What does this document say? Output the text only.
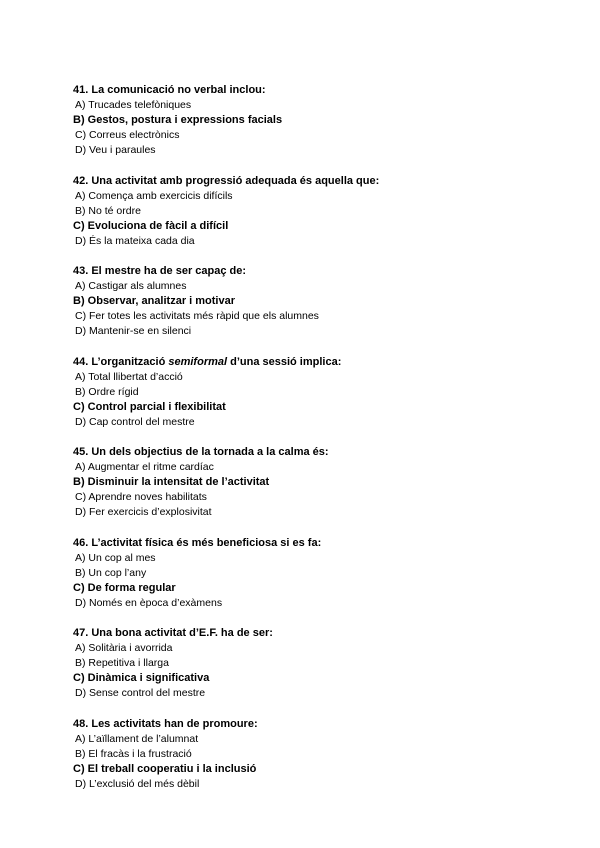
41. La comunicació no verbal inclou:
A) Trucades telefòniques
B) Gestos, postura i expressions facials
C) Correus electrònics
D) Veu i paraules
42. Una activitat amb progressió adequada és aquella que:
A) Comença amb exercicis difícils
B) No té ordre
C) Evoluciona de fàcil a difícil
D) És la mateixa cada dia
43. El mestre ha de ser capaç de:
A) Castigar als alumnes
B) Observar, analitzar i motivar
C) Fer totes les activitats més ràpid que els alumnes
D) Mantenir-se en silenci
44. L’organització semiformal d’una sessió implica:
A) Total llibertat d’acció
B) Ordre rígid
C) Control parcial i flexibilitat
D) Cap control del mestre
45. Un dels objectius de la tornada a la calma és:
A) Augmentar el ritme cardíac
B) Disminuir la intensitat de l’activitat
C) Aprendre noves habilitats
D) Fer exercicis d’explosivitat
46. L’activitat física és més beneficiosa si es fa:
A) Un cop al mes
B) Un cop l’any
C) De forma regular
D) Només en època d’exàmens
47. Una bona activitat d’E.F. ha de ser:
A) Solitària i avorrida
B) Repetitiva i llarga
C) Dinàmica i significativa
D) Sense control del mestre
48. Les activitats han de promoure:
A) L’aïllament de l’alumnat
B) El fracàs i la frustració
C) El treball cooperatiu i la inclusió
D) L’exclusió del més dèbil
